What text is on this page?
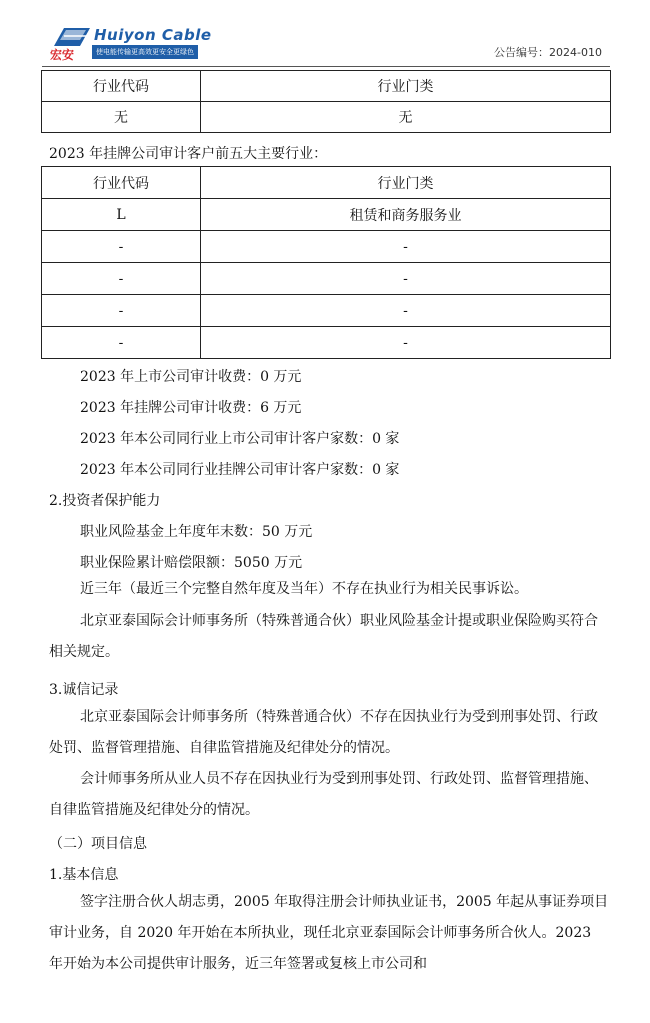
Huiyon Cable
宏安	使电能传输更高效更安全更绿色	公告编号：2024-010
行业代码	行业门类
无	无
2023 年挂牌公司审计客户前五大主要行业：
行业代码	行业门类
L	租赁和商务服务业
-	-
-	-
-	-
-	-
2023 年上市公司审计收费：0 万元
2023 年挂牌公司审计收费：6 万元
2023 年本公司同行业上市公司审计客户家数：0 家
2023 年本公司同行业挂牌公司审计客户家数：0 家
2.投资者保护能力
职业风险基金上年度年末数：50 万元
职业保险累计赔偿限额：5050 万元
近三年（最近三个完整自然年度及当年）不存在执业行为相关民事诉讼。
北京亚泰国际会计师事务所（特殊普通合伙）职业风险基金计提或职业保险购买符合相关规定。
3.诚信记录
北京亚泰国际会计师事务所（特殊普通合伙）不存在因执业行为受到刑事处罚、行政处罚、监督管理措施、自律监管措施及纪律处分的情况。
会计师事务所从业人员不存在因执业行为受到刑事处罚、行政处罚、监督管理措施、自律监管措施及纪律处分的情况。
（二）项目信息
1.基本信息
签字注册合伙人胡志勇，2005 年取得注册会计师执业证书，2005 年起从事证券项目审计业务，自 2020 年开始在本所执业，现任北京亚泰国际会计师事务所合伙人。2023 年开始为本公司提供审计服务，近三年签署或复核上市公司和
